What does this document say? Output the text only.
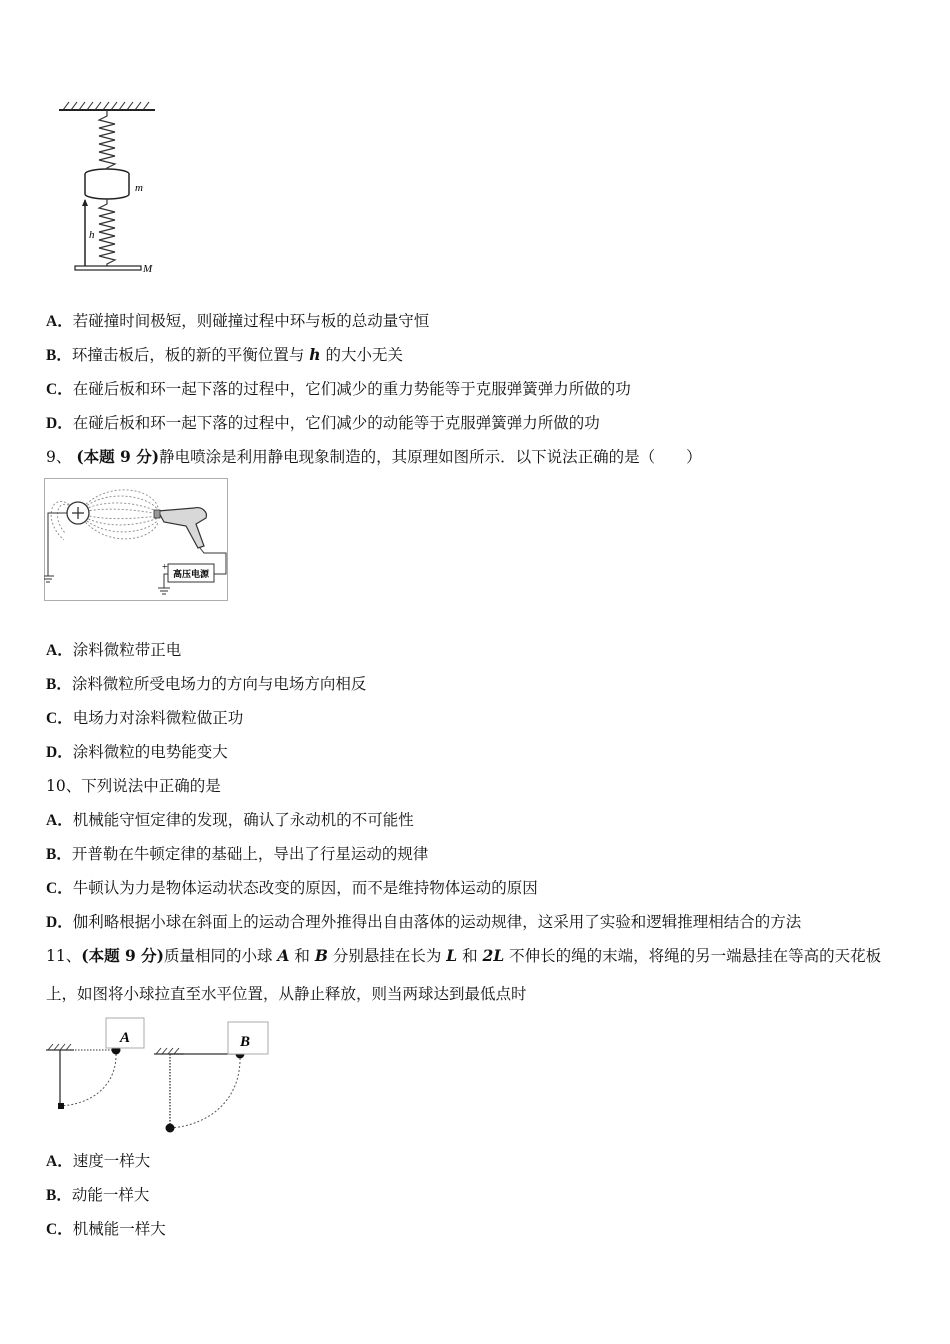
m
h
M
A．若碰撞时间极短，则碰撞过程中环与板的总动量守恒
B．环撞击板后，板的新的平衡位置与 h 的大小无关
C．在碰后板和环一起下落的过程中，它们减少的重力势能等于克服弹簧弹力所做的功
D．在碰后板和环一起下落的过程中，它们减少的动能等于克服弹簧弹力所做的功
9、 (本题 9 分)静电喷涂是利用静电现象制造的，其原理如图所示．以下说法正确的是（　　）
高压电源
+
A．涂料微粒带正电
B．涂料微粒所受电场力的方向与电场方向相反
C．电场力对涂料微粒做正功
D．涂料微粒的电势能变大
10、下列说法中正确的是
A．机械能守恒定律的发现，确认了永动机的不可能性
B．开普勒在牛顿定律的基础上，导出了行星运动的规律
C．牛顿认为力是物体运动状态改变的原因，而不是维持物体运动的原因
D．伽利略根据小球在斜面上的运动合理外推得出自由落体的运动规律，这采用了实验和逻辑推理相结合的方法
11、(本题 9 分)质量相同的小球 A 和 B 分别悬挂在长为 L 和 2L 不伸长的绳的末端，将绳的另一端悬挂在等高的天花板
上，如图将小球拉直至水平位置，从静止释放，则当两球达到最低点时
A	B
A．速度一样大
B．动能一样大
C．机械能一样大
